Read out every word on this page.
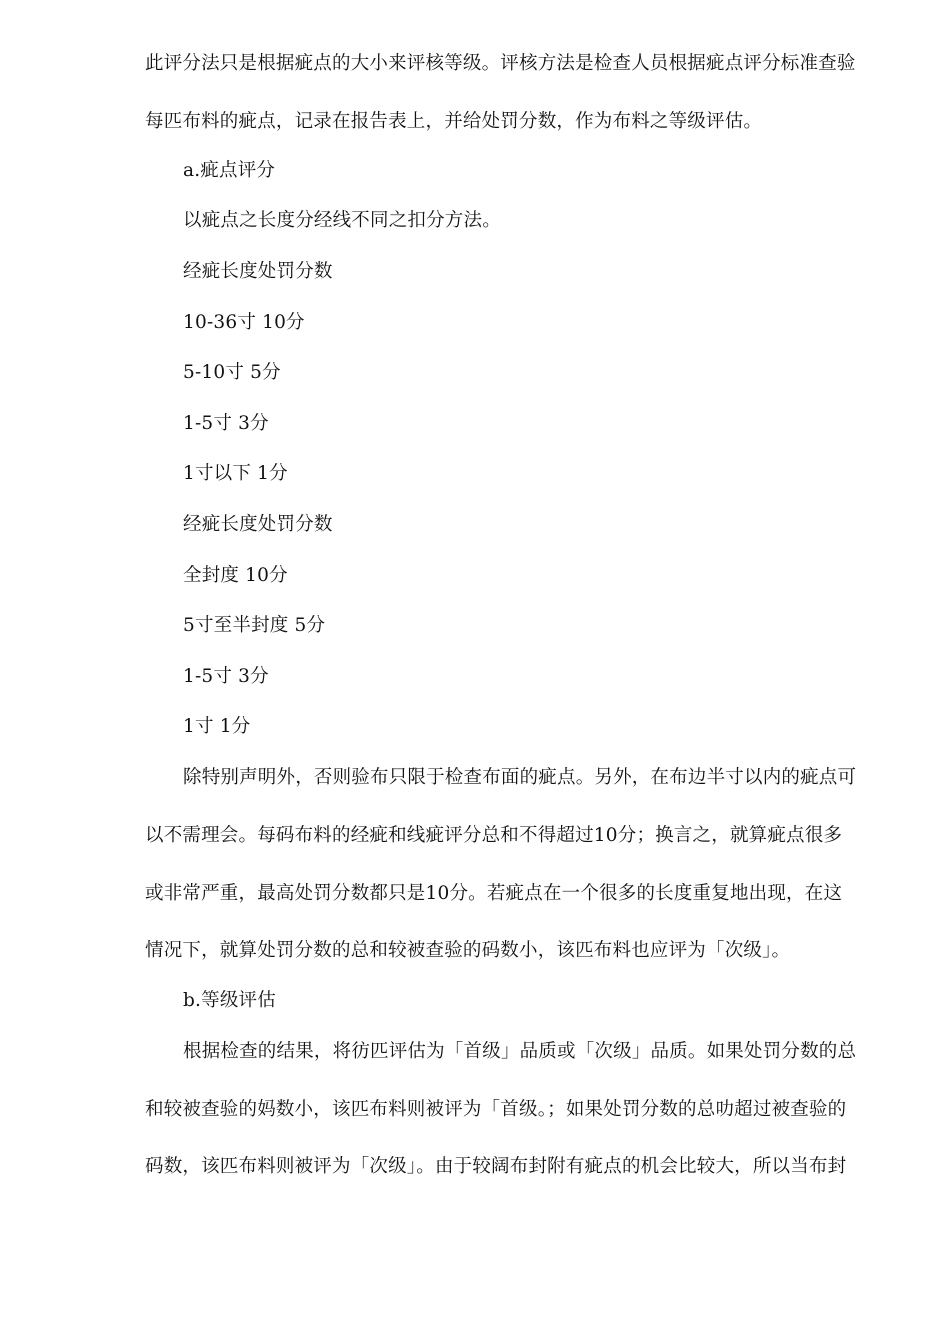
此评分法只是根据疵点的大小来评核等级。评核方法是检查人员根据疵点评分标准查验
每匹布料的疵点，记录在报告表上，并给处罚分数，作为布料之等级评估。
a.疵点评分
以疵点之长度分经线不同之扣分方法。
经疵长度处罚分数
10-36寸 10分
5-10寸 5分
1-5寸 3分
1寸以下 1分
经疵长度处罚分数
全封度 10分
5寸至半封度 5分
1-5寸 3分
1寸 1分
除特别声明外，否则验布只限于检查布面的疵点。另外，在布边半寸以内的疵点可
以不需理会。每码布料的经疵和线疵评分总和不得超过10分；换言之，就算疵点很多
或非常严重，最高处罚分数都只是10分。若疵点在一个很多的长度重复地出现，在这
情况下，就算处罚分数的总和较被查验的码数小，该匹布料也应评为「次级」。
b.等级评估
根据检查的结果，将彷匹评估为「首级」品质或「次级」品质。如果处罚分数的总
和较被查验的妈数小，该匹布料则被评为「首级。；如果处罚分数的总叻超过被查验的
码数，该匹布料则被评为「次级」。由于较阔布封附有疵点的机会比较大，所以当布封
